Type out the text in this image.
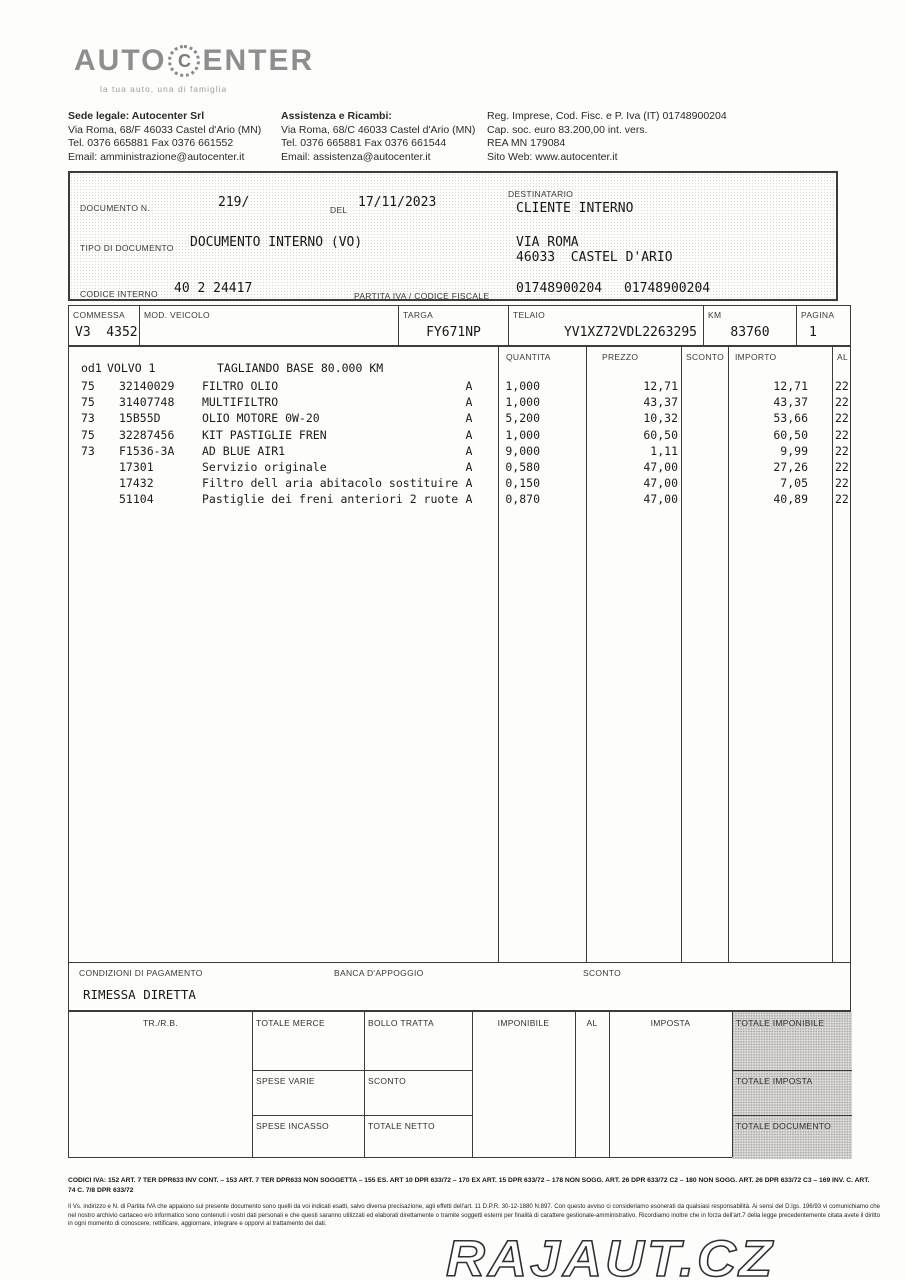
AUTO C ENTER
la tua auto, una di famiglia
Sede legale: Autocenter Srl
Via Roma, 68/F 46033 Castel d'Ario (MN)
Tel. 0376 665881 Fax 0376 661552
Email: amministrazione@autocenter.it
Assistenza e Ricambi:
Via Roma, 68/C 46033 Castel d'Ario (MN)
Tel. 0376 665881 Fax 0376 661544
Email: assistenza@autocenter.it
Reg. Imprese, Cod. Fisc. e P. Iva (IT) 01748900204
Cap. soc. euro 83.200,00 int. vers.
REA MN 179084
Sito Web: www.autocenter.it
DOCUMENTO N.	219/	DEL 17/11/2023
DESTINATARIO
CLIENTE INTERNO
TIPO DI DOCUMENTO DOCUMENTO INTERNO (VO)	VIA ROMA
46033  CASTEL D'ARIO
CODICE INTERNO 40 2 24417	PARTITA IVA / CODICE FISCALE 01748900204 01748900204
COMMESSA
V3  4352
MOD. VEICOLO	TARGA
FY671NP
TELAIO
YV1XZ72VDL2263295
KM
83760
PAGINA
1
QUANTITA	PREZZO	SCONTO IMPORTO	AL
od1 VOLVO 1	TAGLIANDO BASE 80.000 KM
75 32140029 FILTRO OLIO	A	1,000	12,71	12,71 22
75 31407748 MULTIFILTRO	A	1,000	43,37	43,37 22
73 15B55D	OLIO MOTORE 0W-20	A	5,200	10,32	53,66 22
75 32287456 KIT PASTIGLIE FREN	A	1,000	60,50	60,50 22
73 F1536-3A AD BLUE AIR1	A	9,000	1,11	9,99 22
17301	Servizio originale	A	0,580	47,00	27,26 22
17432	Filtro dell aria abitacolo sostituire A	0,150	47,00	7,05 22
51104	Pastiglie dei freni anteriori 2 ruote A	0,870	47,00	40,89 22
CONDIZIONI DI PAGAMENTO	BANCA D'APPOGGIO	SCONTO
RIMESSA DIRETTA
TR./R.B.	TOTALE MERCE	BOLLO TRATTA	IMPONIBILE	AL	IMPOSTA	TOTALE IMPONIBILE
SPESE VARIE	SCONTO	TOTALE IMPOSTA
SPESE INCASSO	TOTALE NETTO	TOTALE DOCUMENTO
CODICI IVA: 152 ART. 7 TER DPR633 INV CONT. – 153 ART. 7 TER DPR633 NON SOGGETTA – 155 ES. ART 10 DPR 633/72 – 170 EX ART. 15 DPR 633/72 – 178 NON SOGG. ART. 26 DPR 633/72 C2 – 180 NON SOGG. ART. 26 DPR 633/72 C3 – 169 INV. C. ART. 74 C. 7/8 DPR 633/72
Il Vs. indirizzo e N. di Partita IVA che appaiono sul presente documento sono quelli da voi indicati esatti, salvo diversa precisazione, agli effetti dell'art. 11 D.P.R. 30-12-1880 N.897. Con questo avviso ci consideriamo esonerati da qualsiasi responsabilità. Ai sensi del D.lgs. 196/93 vi comunichiamo che nel nostro archivio cartaceo e/o informatico sono contenuti i vostri dati personali e che questi saranno utilizzati ed elaborati direttamente o tramite soggetti esterni per finalità di carattere gestionale-amministrativo. Ricordiamo inoltre che in forza dell'art.7 della legge precedentemente citata avete il diritto in ogni momento di conoscere, rettificare, aggiornare, integrare e opporvi al trattamento dei dati.
RAJAUT.CZ
